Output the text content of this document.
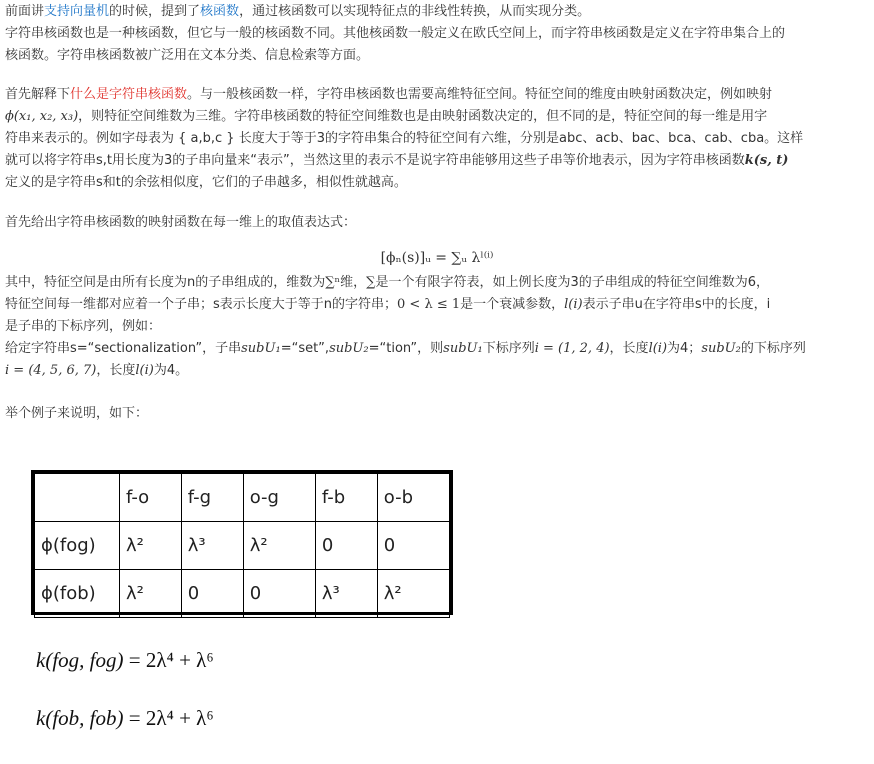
前面讲支持向量机的时候，提到了核函数，通过核函数可以实现特征点的非线性转换，从而实现分类。
字符串核函数也是一种核函数，但它与一般的核函数不同。其他核函数一般定义在欧氏空间上，而字符串核函数是定义在字符串集合上的
核函数。字符串核函数被广泛用在文本分类、信息检索等方面。

首先解释下什么是字符串核函数。与一般核函数一样，字符串核函数也需要高维特征空间。特征空间的维度由映射函数决定，例如映射
ϕ(x₁, x₂, x₃)，则特征空间维数为三维。字符串核函数的特征空间维数也是由映射函数决定的，但不同的是，特征空间的每一维是用字
符串来表示的。例如字母表为 { a,b,c } 长度大于等于3的字符串集合的特征空间有六维，分别是abc、acb、bac、bca、cab、cba。这样
就可以将字符串s,t用长度为3的子串向量来“表示”，当然这里的表示不是说字符串能够用这些子串等价地表示，因为字符串核函数k(s, t)
定义的是字符串s和t的余弦相似度，它们的子串越多，相似性就越高。

首先给出字符串核函数的映射函数在每一维上的取值表达式：

[ϕₙ(s)]ᵤ = ∑ᵤ λˡ⁽ⁱ⁾

其中，特征空间是由所有长度为n的子串组成的，维数为∑ⁿ维，∑是一个有限字符表，如上例长度为3的子串组成的特征空间维数为6，
特征空间每一维都对应着一个子串；s表示长度大于等于n的字符串；0 < λ ≤ 1是一个衰减参数，l(i)表示子串u在字符串s中的长度，i
是子串的下标序列，例如：
给定字符串s=“sectionalization”，子串subU₁=“set”,subU₂=“tion”，则subU₁下标序列i = (1, 2, 4)，长度l(i)为4；subU₂的下标序列
i = (4, 5, 6, 7)，长度l(i)为4。

举个例子来说明，如下：

	f-o	f-g	o-g	f-b	o-b
ϕ(fog)	λ²	λ³	λ²	0	0
ϕ(fob)	λ²	0	0	λ³	λ²
k(fog, fog) = 2λ⁴ + λ⁶
k(fob, fob) = 2λ⁴ + λ⁶
